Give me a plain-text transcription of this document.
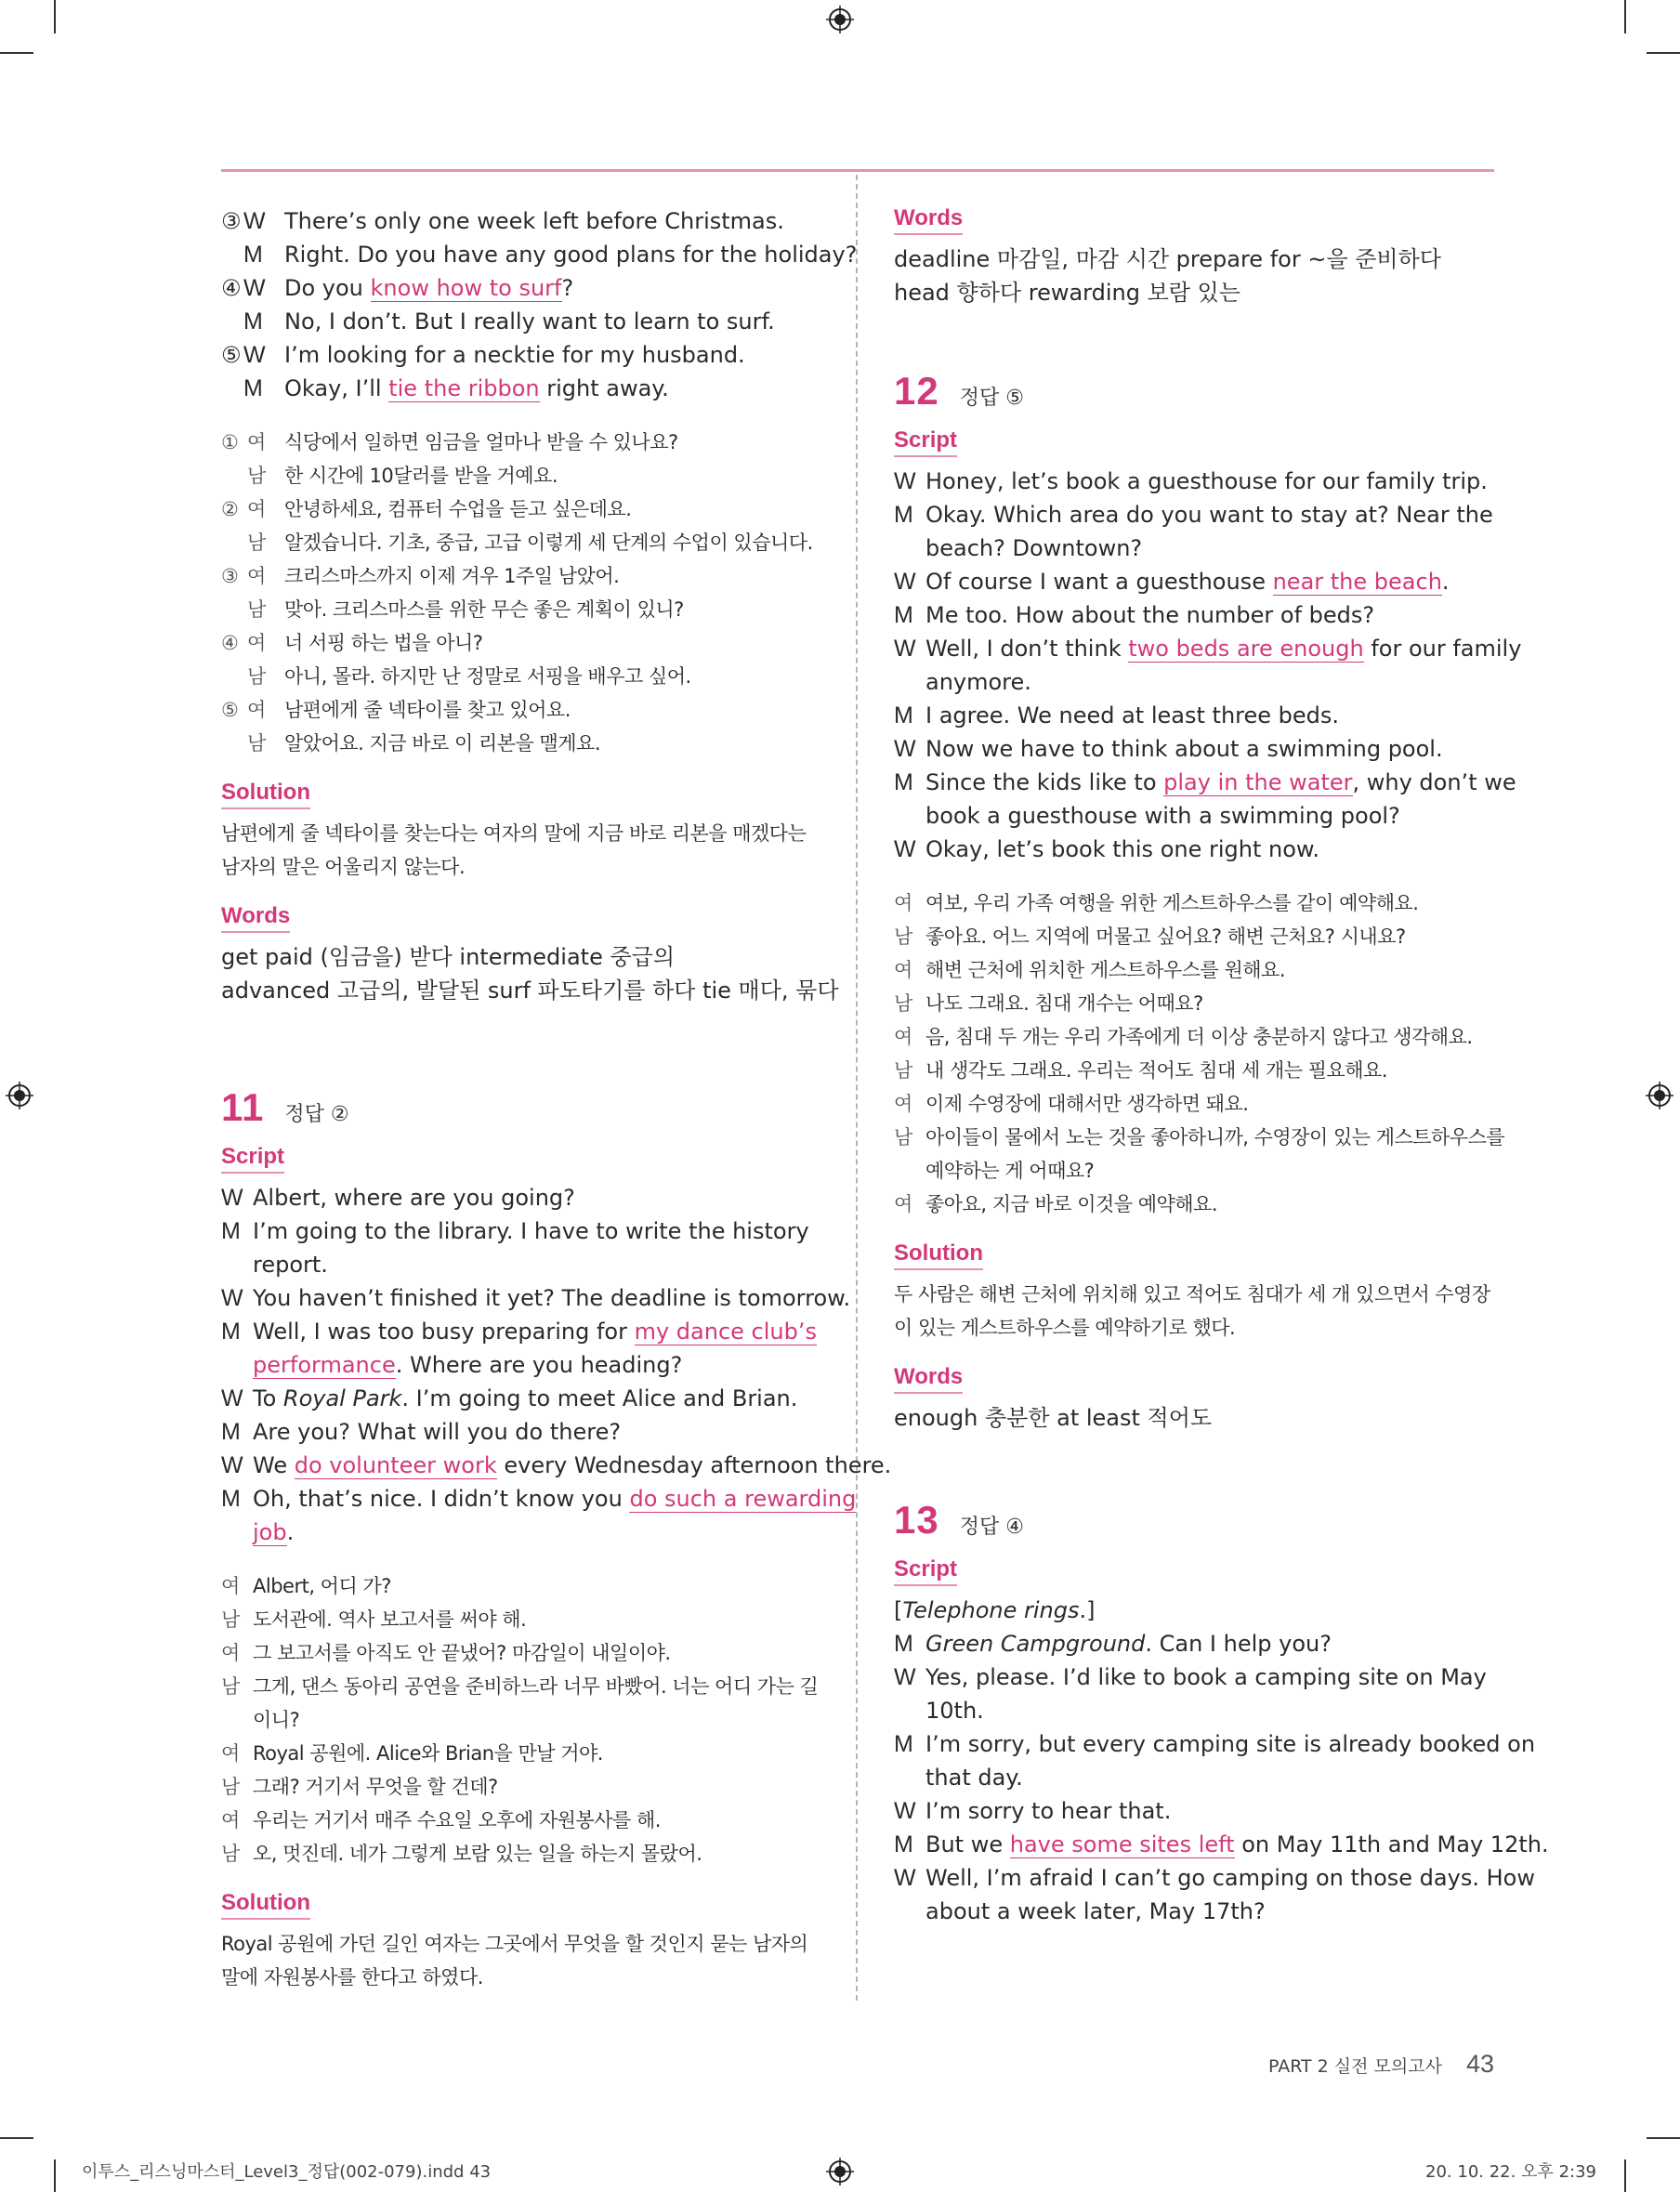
③ W There’s only one week left before Christmas.
M Right. Do you have any good plans for the holiday?
④ W Do you know how to surf?
M No, I don’t. But I really want to learn to surf.
⑤ W I’m looking for a necktie for my husband.
M Okay, I’ll tie the ribbon right away.
① 여 식당에서 일하면 임금을 얼마나 받을 수 있나요?
남 한 시간에 10달러를 받을 거예요.
② 여 안녕하세요, 컴퓨터 수업을 듣고 싶은데요.
남 알겠습니다. 기초, 중급, 고급 이렇게 세 단계의 수업이 있습니다.
③ 여 크리스마스까지 이제 겨우 1주일 남았어.
남 맞아. 크리스마스를 위한 무슨 좋은 계획이 있니?
④ 여 너 서핑 하는 법을 아니?
남 아니, 몰라. 하지만 난 정말로 서핑을 배우고 싶어.
⑤ 여 남편에게 줄 넥타이를 찾고 있어요.
남 알았어요. 지금 바로 이 리본을 맬게요.
Solution
남편에게 줄 넥타이를 찾는다는 여자의 말에 지금 바로 리본을 매겠다는
남자의 말은 어울리지 않는다.
Words
get paid (임금을) 받다 intermediate 중급의
advanced 고급의, 발달된 surf 파도타기를 하다 tie 매다, 묶다
11 정답 ②
Script
W Albert, where are you going?
M I’m going to the library. I have to write the history
report.
W You haven’t finished it yet? The deadline is tomorrow.
M Well, I was too busy preparing for my dance club’s
performance. Where are you heading?
W To Royal Park. I’m going to meet Alice and Brian.
M Are you? What will you do there?
W We do volunteer work every Wednesday afternoon there.
M Oh, that’s nice. I didn’t know you do such a rewarding
job.
여 Albert, 어디 가?
남 도서관에. 역사 보고서를 써야 해.
여 그 보고서를 아직도 안 끝냈어? 마감일이 내일이야.
남 그게, 댄스 동아리 공연을 준비하느라 너무 바빴어. 너는 어디 가는 길
이니?
여 Royal 공원에. Alice와 Brian을 만날 거야.
남 그래? 거기서 무엇을 할 건데?
여 우리는 거기서 매주 수요일 오후에 자원봉사를 해.
남 오, 멋진데. 네가 그렇게 보람 있는 일을 하는지 몰랐어.
Solution
Royal 공원에 가던 길인 여자는 그곳에서 무엇을 할 것인지 묻는 남자의
말에 자원봉사를 한다고 하였다.
Words
deadline 마감일, 마감 시간 prepare for ~을 준비하다
head 향하다 rewarding 보람 있는
12 정답 ⑤
Script
W Honey, let’s book a guesthouse for our family trip.
M Okay. Which area do you want to stay at? Near the
beach? Downtown?
W Of course I want a guesthouse near the beach.
M Me too. How about the number of beds?
W Well, I don’t think two beds are enough for our family
anymore.
M I agree. We need at least three beds.
W Now we have to think about a swimming pool.
M Since the kids like to play in the water, why don’t we
book a guesthouse with a swimming pool?
W Okay, let’s book this one right now.
여 여보, 우리 가족 여행을 위한 게스트하우스를 같이 예약해요.
남 좋아요. 어느 지역에 머물고 싶어요? 해변 근처요? 시내요?
여 해변 근처에 위치한 게스트하우스를 원해요.
남 나도 그래요. 침대 개수는 어때요?
여 음, 침대 두 개는 우리 가족에게 더 이상 충분하지 않다고 생각해요.
남 내 생각도 그래요. 우리는 적어도 침대 세 개는 필요해요.
여 이제 수영장에 대해서만 생각하면 돼요.
남 아이들이 물에서 노는 것을 좋아하니까, 수영장이 있는 게스트하우스를
예약하는 게 어때요?
여 좋아요, 지금 바로 이것을 예약해요.
Solution
두 사람은 해변 근처에 위치해 있고 적어도 침대가 세 개 있으면서 수영장
이 있는 게스트하우스를 예약하기로 했다.
Words
enough 충분한 at least 적어도
13 정답 ④
Script
[Telephone rings.]
M Green Campground. Can I help you?
W Yes, please. I’d like to book a camping site on May
10th.
M I’m sorry, but every camping site is already booked on
that day.
W I’m sorry to hear that.
M But we have some sites left on May 11th and May 12th.
W Well, I’m afraid I can’t go camping on those days. How
about a week later, May 17th?
PART 2 실전 모의고사 43
이투스_리스닝마스터_Level3_정답(002-079).indd 43	20. 10. 22. 오후 2:39
